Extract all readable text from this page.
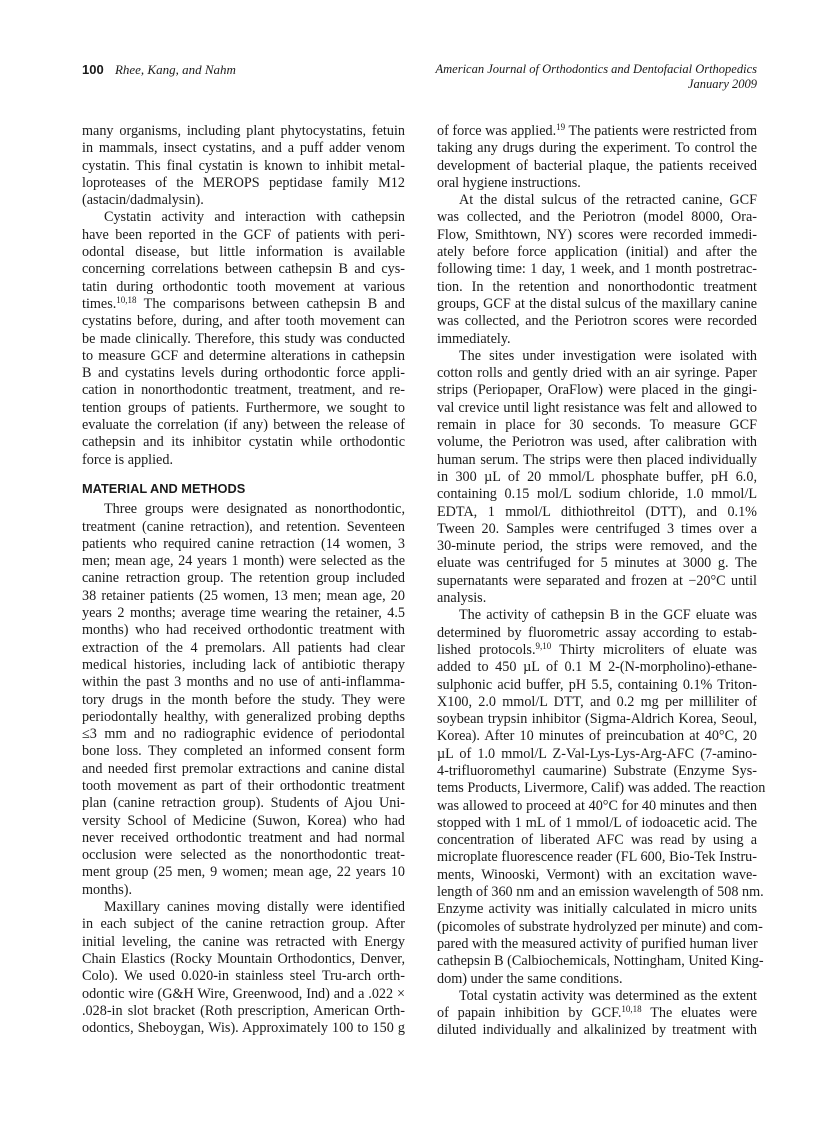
100 Rhee, Kang, and Nahm	American Journal of Orthodontics and Dentofacial Orthopedics
January 2009
many organisms, including plant phytocystatins, fetuin
in mammals, insect cystatins, and a puff adder venom
cystatin. This final cystatin is known to inhibit metal-
loproteases of the MEROPS peptidase family M12
(astacin/dadmalysin).
Cystatin activity and interaction with cathepsin
have been reported in the GCF of patients with peri-
odontal disease, but little information is available
concerning correlations between cathepsin B and cys-
tatin during orthodontic tooth movement at various
times.$^{10,18}$ The comparisons between cathepsin B and
cystatins before, during, and after tooth movement can
be made clinically. Therefore, this study was conducted
to measure GCF and determine alterations in cathepsin
B and cystatins levels during orthodontic force appli-
cation in nonorthodontic treatment, treatment, and re-
tention groups of patients. Furthermore, we sought to
evaluate the correlation (if any) between the release of
cathepsin and its inhibitor cystatin while orthodontic
force is applied.
MATERIAL AND METHODS
Three groups were designated as nonorthodontic,
treatment (canine retraction), and retention. Seventeen
patients who required canine retraction (14 women, 3
men; mean age, 24 years 1 month) were selected as the
canine retraction group. The retention group included
38 retainer patients (25 women, 13 men; mean age, 20
years 2 months; average time wearing the retainer, 4.5
months) who had received orthodontic treatment with
extraction of the 4 premolars. All patients had clear
medical histories, including lack of antibiotic therapy
within the past 3 months and no use of anti-inflamma-
tory drugs in the month before the study. They were
periodontally healthy, with generalized probing depths
≤3 mm and no radiographic evidence of periodontal
bone loss. They completed an informed consent form
and needed first premolar extractions and canine distal
tooth movement as part of their orthodontic treatment
plan (canine retraction group). Students of Ajou Uni-
versity School of Medicine (Suwon, Korea) who had
never received orthodontic treatment and had normal
occlusion were selected as the nonorthodontic treat-
ment group (25 men, 9 women; mean age, 22 years 10
months).
Maxillary canines moving distally were identified
in each subject of the canine retraction group. After
initial leveling, the canine was retracted with Energy
Chain Elastics (Rocky Mountain Orthodontics, Denver,
Colo). We used 0.020-in stainless steel Tru-arch orth-
odontic wire (G&H Wire, Greenwood, Ind) and a .022 ×
.028-in slot bracket (Roth prescription, American Orth-
odontics, Sheboygan, Wis). Approximately 100 to 150 g
of force was applied.$^{19}$ The patients were restricted from
taking any drugs during the experiment. To control the
development of bacterial plaque, the patients received
oral hygiene instructions.
At the distal sulcus of the retracted canine, GCF
was collected, and the Periotron (model 8000, Ora-
Flow, Smithtown, NY) scores were recorded immedi-
ately before force application (initial) and after the
following time: 1 day, 1 week, and 1 month postretrac-
tion. In the retention and nonorthodontic treatment
groups, GCF at the distal sulcus of the maxillary canine
was collected, and the Periotron scores were recorded
immediately.
The sites under investigation were isolated with
cotton rolls and gently dried with an air syringe. Paper
strips (Periopaper, OraFlow) were placed in the gingi-
val crevice until light resistance was felt and allowed to
remain in place for 30 seconds. To measure GCF
volume, the Periotron was used, after calibration with
human serum. The strips were then placed individually
in 300 µL of 20 mmol/L phosphate buffer, pH 6.0,
containing 0.15 mol/L sodium chloride, 1.0 mmol/L
EDTA, 1 mmol/L dithiothreitol (DTT), and 0.1%
Tween 20. Samples were centrifuged 3 times over a
30-minute period, the strips were removed, and the
eluate was centrifuged for 5 minutes at 3000 g. The
supernatants were separated and frozen at −20°C until
analysis.
The activity of cathepsin B in the GCF eluate was
determined by fluorometric assay according to estab-
lished protocols.$^{9,10}$ Thirty microliters of eluate was
added to 450 µL of 0.1 M 2-(N-morpholino)-ethane-
sulphonic acid buffer, pH 5.5, containing 0.1% Triton-
X100, 2.0 mmol/L DTT, and 0.2 mg per milliliter of
soybean trypsin inhibitor (Sigma-Aldrich Korea, Seoul,
Korea). After 10 minutes of preincubation at 40°C, 20
µL of 1.0 mmol/L Z-Val-Lys-Lys-Arg-AFC (7-amino-
4-trifluoromethyl caumarine) Substrate (Enzyme Sys-
tems Products, Livermore, Calif) was added. The reaction
was allowed to proceed at 40°C for 40 minutes and then
stopped with 1 mL of 1 mmol/L of iodoacetic acid. The
concentration of liberated AFC was read by using a
microplate fluorescence reader (FL 600, Bio-Tek Instru-
ments, Winooski, Vermont) with an excitation wave-
length of 360 nm and an emission wavelength of 508 nm.
Enzyme activity was initially calculated in micro units
(picomoles of substrate hydrolyzed per minute) and com-
pared with the measured activity of purified human liver
cathepsin B (Calbiochemicals, Nottingham, United King-
dom) under the same conditions.
Total cystatin activity was determined as the extent
of papain inhibition by GCF.$^{10,18}$ The eluates were
diluted individually and alkalinized by treatment with
